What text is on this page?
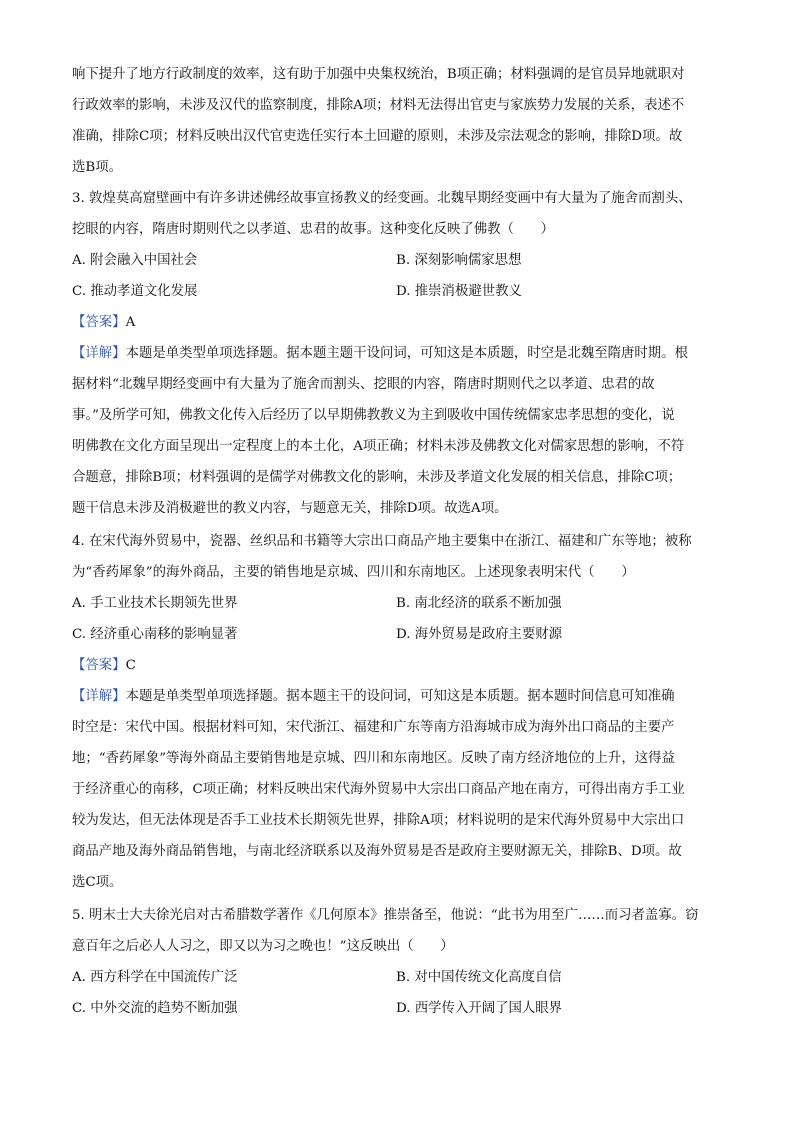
响下提升了地方行政制度的效率，这有助于加强中央集权统治，B项正确；材料强调的是官员异地就职对
行政效率的影响，未涉及汉代的监察制度，排除A项；材料无法得出官吏与家族势力发展的关系，表述不
准确，排除C项；材料反映出汉代官吏选任实行本土回避的原则，未涉及宗法观念的影响，排除D项。故
选B项。
3. 敦煌莫高窟壁画中有许多讲述佛经故事宣扬教义的经变画。北魏早期经变画中有大量为了施舍而割头、
挖眼的内容，隋唐时期则代之以孝道、忠君的故事。这种变化反映了佛教（　　）
A. 附会融入中国社会	B. 深刻影响儒家思想
C. 推动孝道文化发展	D. 推崇消极避世教义
【答案】A
【详解】本题是单类型单项选择题。据本题主题干设问词，可知这是本质题，时空是北魏至隋唐时期。根
据材料“北魏早期经变画中有大量为了施舍而割头、挖眼的内容，隋唐时期则代之以孝道、忠君的故
事。”及所学可知，佛教文化传入后经历了以早期佛教教义为主到吸收中国传统儒家忠孝思想的变化，说
明佛教在文化方面呈现出一定程度上的本土化，A项正确；材料未涉及佛教文化对儒家思想的影响，不符
合题意，排除B项；材料强调的是儒学对佛教文化的影响，未涉及孝道文化发展的相关信息，排除C项；
题干信息未涉及消极避世的教义内容，与题意无关，排除D项。故选A项。
4. 在宋代海外贸易中，瓷器、丝织品和书籍等大宗出口商品产地主要集中在浙江、福建和广东等地；被称
为“香药犀象”的海外商品，主要的销售地是京城、四川和东南地区。上述现象表明宋代（　　）
A. 手工业技术长期领先世界	B. 南北经济的联系不断加强
C. 经济重心南移的影响显著	D. 海外贸易是政府主要财源
【答案】C
【详解】本题是单类型单项选择题。据本题主干的设问词，可知这是本质题。据本题时间信息可知准确
时空是：宋代中国。根据材料可知，宋代浙江、福建和广东等南方沿海城市成为海外出口商品的主要产
地；“香药犀象”等海外商品主要销售地是京城、四川和东南地区。反映了南方经济地位的上升，这得益
于经济重心的南移，C项正确；材料反映出宋代海外贸易中大宗出口商品产地在南方，可得出南方手工业
较为发达，但无法体现是否手工业技术长期领先世界，排除A项；材料说明的是宋代海外贸易中大宗出口
商品产地及海外商品销售地，与南北经济联系以及海外贸易是否是政府主要财源无关，排除B、D项。故
选C项。
5. 明末士大夫徐光启对古希腊数学著作《几何原本》推崇备至，他说：“此书为用至广……而习者盖寡。窃
意百年之后必人人习之，即又以为习之晚也！”这反映出（　　）
A. 西方科学在中国流传广泛	B. 对中国传统文化高度自信
C. 中外交流的趋势不断加强	D. 西学传入开阔了国人眼界
